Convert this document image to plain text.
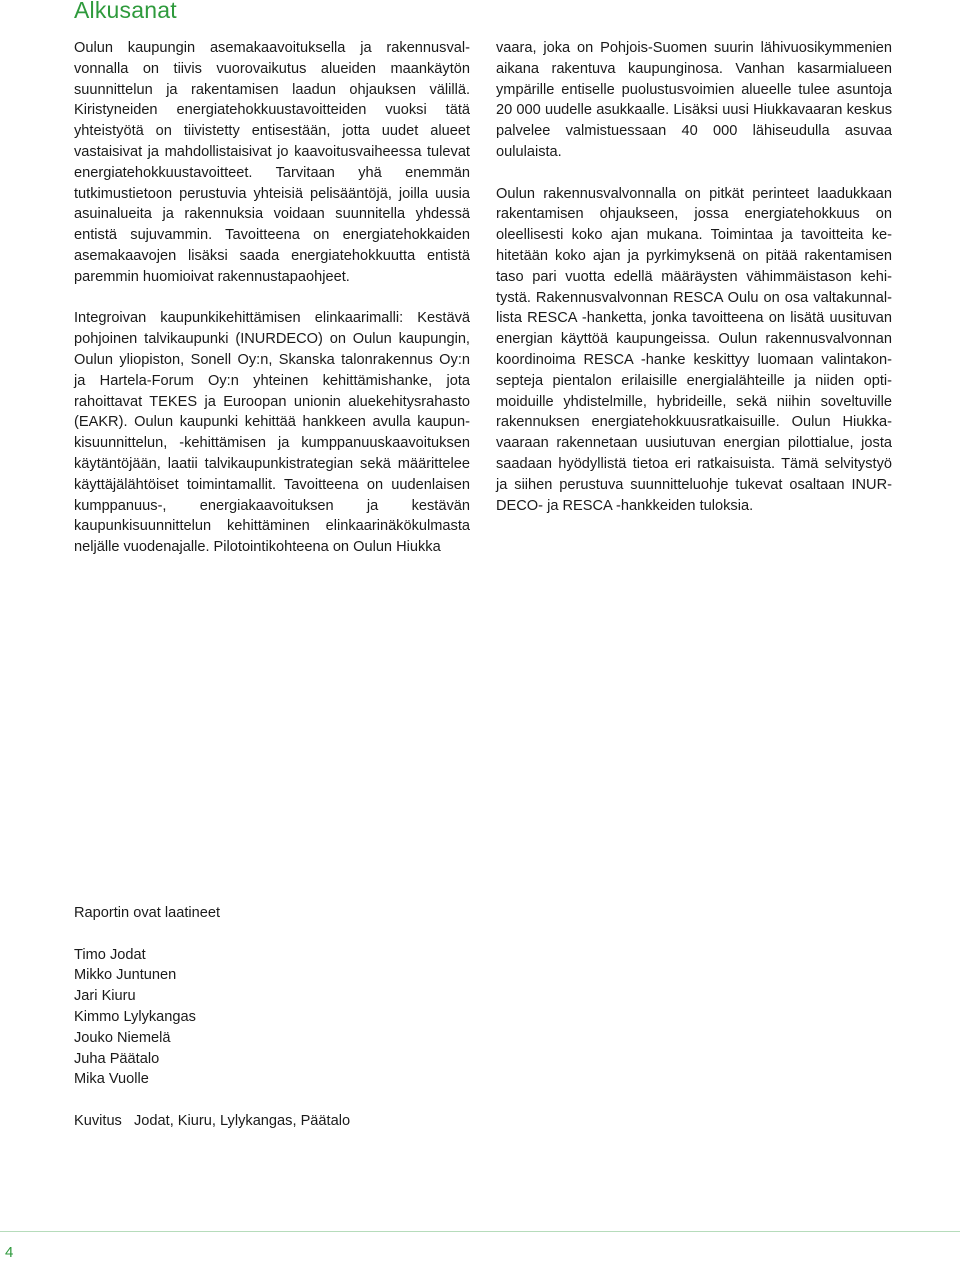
Alkusanat

Oulun kaupungin asemakaavoituksella ja rakennusvalvonnalla on tiivis vuorovaikutus alueiden maankäytön suunnittelun ja rakentamisen laadun ohjauksen välillä. Kiristyneiden energiatehokkuustavoitteiden vuoksi tätä yhteistyötä on tiivistetty entisestään, jotta uudet alueet vastaisivat ja mahdollistaisivat jo kaavoitusvaiheessa tulevat energiatehokkuustavoitteet. Tarvitaan yhä enemmän tutkimustietoon perustuvia yhteisiä pelisääntöjä, joilla uusia asuinalueita ja rakennuksia voidaan suunnitella yhdessä entistä sujuvammin. Tavoitteena on energiatehokkaiden asemakaavojen lisäksi saada energiatehokkuutta entistä paremmin huomioivat rakennustapaohjeet.

Integroivan kaupunkikehittämisen elinkaarimalli: Kestävä pohjoinen talvikaupunki (INURDECO) on Oulun kaupungin, Oulun yliopiston, Sonell Oy:n, Skanska talonrakennus Oy:n ja Hartela-Forum Oy:n yhteinen kehittämishanke, jota rahoittavat TEKES ja Euroopan unionin aluekehitysrahasto (EAKR). Oulun kaupunki kehittää hankkeen avulla kaupunkisuunnittelun, -kehittämisen ja kumppanuuskaavoituksen käytäntöjään, laatii talvikaupunkistrategian sekä määrittelee käyttäjälähtöiset toimintamallit. Tavoitteena on uudenlaisen kumppanuus-, energiakaavoituksen ja kestävän kaupunkisuunnittelun kehittäminen elinkaarinäkökulmasta neljälle vuodenajalle. Pilotointikohteena on Oulun Hiukka

vaara, joka on Pohjois-Suomen suurin lähivuosikymmenien aikana rakentuva kaupunginosa. Vanhan kasarmialueen ympärille entiselle puolustusvoimien alueelle tulee asuntoja 20 000 uudelle asukkaalle. Lisäksi uusi Hiukkavaaran keskus palvelee valmistuessaan 40 000 lähiseudulla asuvaa oululaista.

Oulun rakennusvalvonnalla on pitkät perinteet laadukkaan rakentamisen ohjaukseen, jossa energiatehokkuus on oleellisesti koko ajan mukana. Toimintaa ja tavoitteita kehitetään koko ajan ja pyrkimyksenä on pitää rakentamisen taso pari vuotta edellä määräysten vähimmäistason kehitystä. Rakennusvalvonnan RESCA Oulu on osa valtakunnallista RESCA -hanketta, jonka tavoitteena on lisätä uusituvan energian käyttöä kaupungeissa. Oulun rakennusvalvonnan koordinoima RESCA -hanke keskittyy luomaan valintakonsepteja pientalon erilaisille energialähteille ja niiden optimoiduille yhdistelmille, hybrideille, sekä niihin soveltuville rakennuksen energiatehokkuusratkaisuille. Oulun Hiukkavaaraan rakennetaan uusiutuvan energian pilottialue, josta saadaan hyödyllistä tietoa eri ratkaisuista. Tämä selvitystyö ja siihen perustuva suunnitteluohje tukevat osaltaan INURDECO- ja RESCA -hankkeiden tuloksia.

Raportin ovat laatineet
Timo Jodat
Mikko Juntunen
Jari Kiuru
Kimmo Lylykangas
Jouko Niemelä
Juha Päätalo
Mika Vuolle
Kuvitus Jodat, Kiuru, Lylykangas, Päätalo
4
